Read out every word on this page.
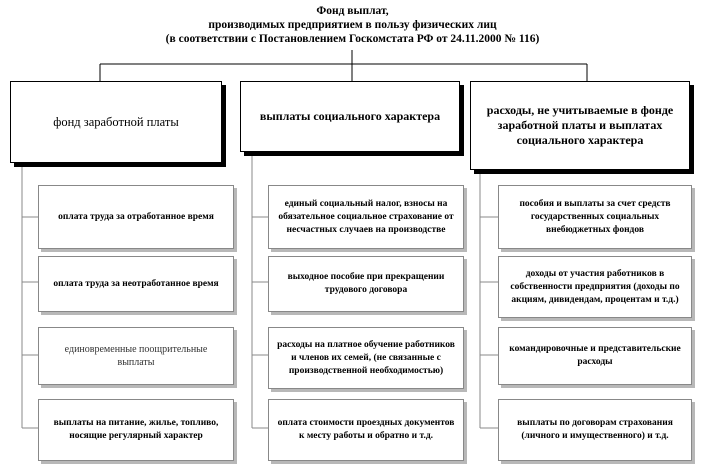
Фонд выплат,
производимых предприятием в пользу физических лиц
(в соответствии с Постановлением Госкомстата РФ от 24.11.2000 № 116)
фонд заработной платы	выплаты социального характера	расходы, не учитываемые в фонде заработной платы и выплатах социального характера
оплата труда за отработанное время
оплата труда за неотработанное время
единовременные поощрительные выплаты
выплаты на питание, жилье, топливо, носящие регулярный характер
единый социальный налог, взносы на обязательное социальное страхование от несчастных случаев на производстве
выходное пособие при прекращении трудового договора
расходы на платное обучение работников и членов их семей, (не связанные с производственной необходимостью)
оплата стоимости проездных документов к месту работы и обратно и т.д.
пособия и выплаты за счет средств государственных социальных внебюджетных фондов
доходы от участия работников в собственности предприятия (доходы по акциям, дивидендам, процентам и т.д.)
командировочные и представительские расходы
выплаты по договорам страхования (личного и имущественного) и т.д.
